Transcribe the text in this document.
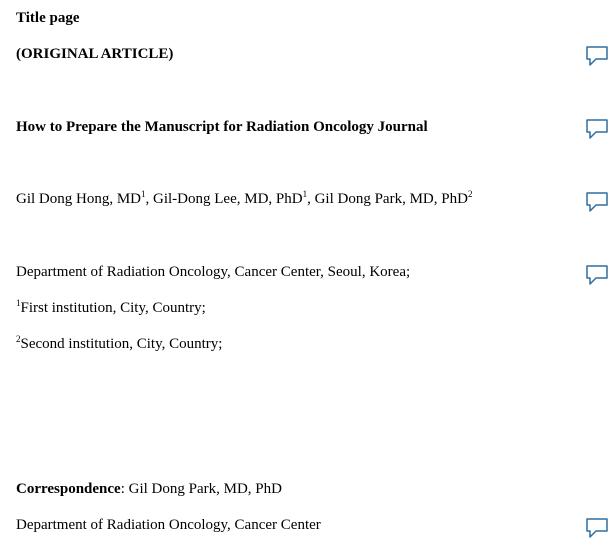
Title page
(ORIGINAL ARTICLE)
How to Prepare the Manuscript for Radiation Oncology Journal
Gil Dong Hong, $MD^1$, Gil-Dong Lee, MD, PhD$^1$, Gil Dong Park, MD, PhD$^2$
Department of Radiation Oncology, Cancer Center, Seoul, Korea;
$^1$First institution, City, Country;
$^2$Second institution, City, Country;
Correspondence: Gil Dong Park, MD, PhD
Department of Radiation Oncology, Cancer Center
